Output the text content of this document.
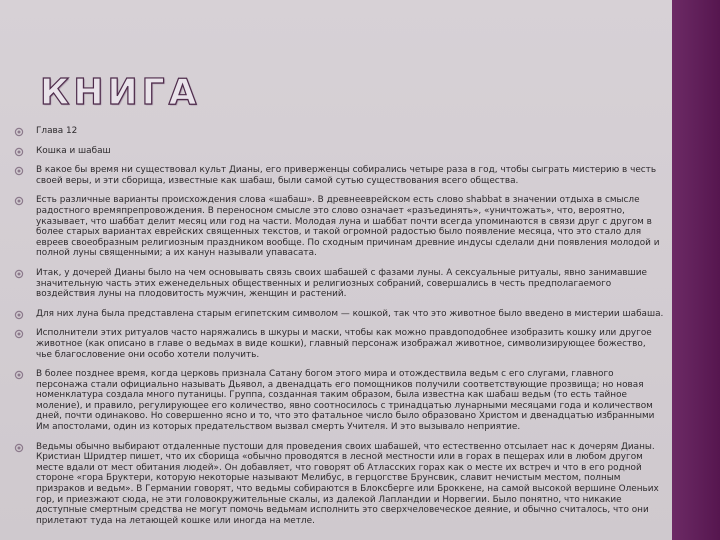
КНИГА

Глава 12

Кошка и шабаш

В какое бы время ни существовал культ Дианы, его приверженцы собирались четыре раза в год, чтобы сыграть мистерию в честь своей веры, и эти сборища, известные как шабаш, были самой сутью существования всего общества.

Есть различные варианты происхождения слова «шабаш». В древнееврейском есть слово shabbat в значении отдыха в смысле радостного времяпрепровождения. В переносном смысле это слово означает «разъединять», «уничтожать», что, вероятно, указывает, что шаббат делит месяц или год на части. Молодая луна и шаббат почти всегда упоминаются в связи друг с другом в более старых вариантах еврейских священных текстов, и такой огромной радостью было появление месяца, что это стало для евреев своеобразным религиозным праздником вообще. По сходным причинам древние индусы сделали дни появления молодой и полной луны священными; а их канун называли упавасата.

Итак, у дочерей Дианы было на чем основывать связь своих шабашей с фазами луны. А сексуальные ритуалы, явно занимавшие значительную часть этих еженедельных общественных и религиозных собраний, совершались в честь предполагаемого воздействия луны на плодовитость мужчин, женщин и растений.

Для них луна была представлена старым египетским символом — кошкой, так что это животное было введено в мистерии шабаша.

Исполнители этих ритуалов часто наряжались в шкуры и маски, чтобы как можно правдоподобнее изобразить кошку или другое животное (как описано в главе о ведьмах в виде кошки), главный персонаж изображал животное, символизирующее божество, чье благословение они особо хотели получить.

В более позднее время, когда церковь признала Сатану богом этого мира и отождествила ведьм с его слугами, главного персонажа стали официально называть Дьявол, а двенадцать его помощников получили соответствующие прозвища; но новая номенклатура создала много путаницы. Группа, созданная таким образом, была известна как шабаш ведьм (то есть тайное моление), и правило, регулирующее его количество, явно соотносилось с тринадцатью лунарными месяцами года и количеством дней, почти одинаково. Но совершенно ясно и то, что это фатальное число было образовано Христом и двенадцатью избранными Им апостолами, один из которых предательством вызвал смерть Учителя. И это вызывало неприятие.

Ведьмы обычно выбирают отдаленные пустоши для проведения своих шабашей, что естественно отсылает нас к дочерям Дианы. Кристиан Шридтер пишет, что их сборища «обычно проводятся в лесной местности или в горах в пещерах или в любом другом месте вдали от мест обитания людей». Он добавляет, что говорят об Атласских горах как о месте их встреч и что в его родной стороне «гора Бруктери, которую некоторые называют Мелибус, в герцогстве Брунсвик, славит нечистым местом, полным призраков и ведьм». В Германии говорят, что ведьмы собираются в Блоксберге или Броккене, на самой высокой вершине Оленьих гор, и приезжают сюда, не эти головокружительные скалы, из далекой Лапландии и Норвегии. Было понятно, что никакие доступные смертным средства не могут помочь ведьмам исполнить это сверхчеловеческое деяние, и обычно считалось, что они прилетают туда на летающей кошке или иногда на метле.
